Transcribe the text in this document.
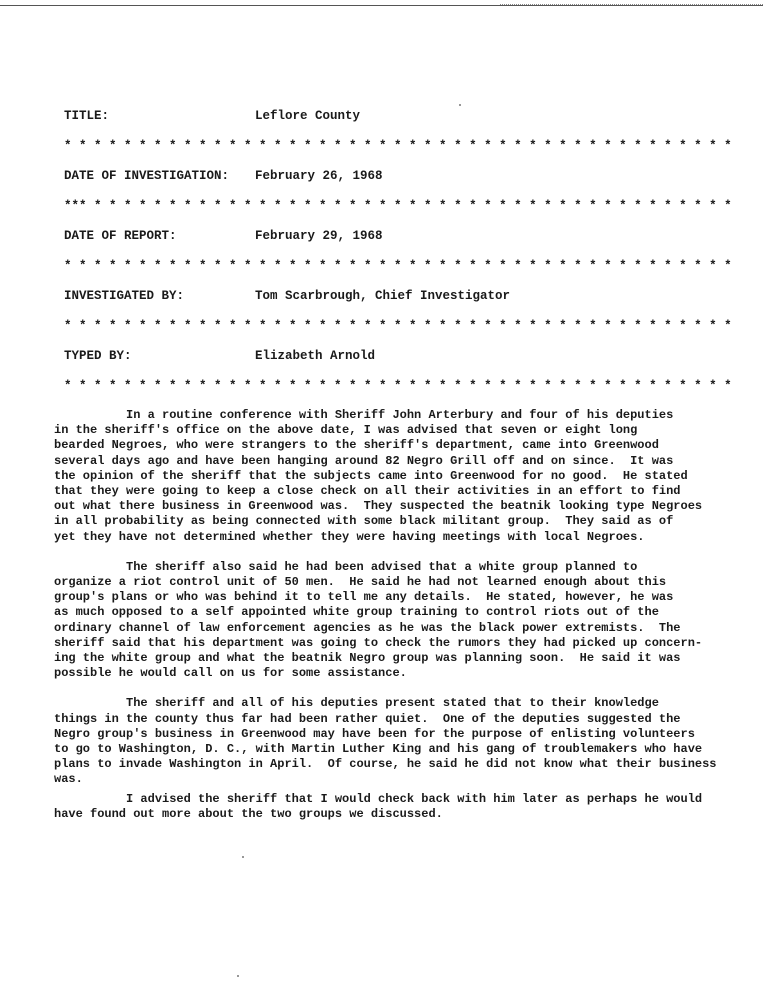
TITLE:	Leflore County
* * * * * * * * * * * * * * * * * * * * * * * * * * * * * * * * * * * * * * * * * * * * *
DATE OF INVESTIGATION: February 26, 1968
*** * * * * * * * * * * * * * * * * * * * * * * * * * * * * * * * * * * * * * * * * * * *
DATE OF REPORT:	February 29, 1968
* * * * * * * * * * * * * * * * * * * * * * * * * * * * * * * * * * * * * * * * * * * * *
INVESTIGATED BY:	Tom Scarbrough, Chief Investigator
* * * * * * * * * * * * * * * * * * * * * * * * * * * * * * * * * * * * * * * * * * * * *
TYPED BY:	Elizabeth Arnold
* * * * * * * * * * * * * * * * * * * * * * * * * * * * * * * * * * * * * * * * * * * * *

In a routine conference with Sheriff John Arterbury and four of his deputies
in the sheriff's office on the above date, I was advised that seven or eight long
bearded Negroes, who were strangers to the sheriff's department, came into Greenwood
several days ago and have been hanging around 82 Negro Grill off and on since.  It was
the opinion of the sheriff that the subjects came into Greenwood for no good.  He stated
that they were going to keep a close check on all their activities in an effort to find
out what there business in Greenwood was.  They suspected the beatnik looking type Negroes
in all probability as being connected with some black militant group.  They said as of
yet they have not determined whether they were having meetings with local Negroes.

The sheriff also said he had been advised that a white group planned to
organize a riot control unit of 50 men.  He said he had not learned enough about this
group's plans or who was behind it to tell me any details.  He stated, however, he was
as much opposed to a self appointed white group training to control riots out of the
ordinary channel of law enforcement agencies as he was the black power extremists.  The
sheriff said that his department was going to check the rumors they had picked up concern-
ing the white group and what the beatnik Negro group was planning soon.  He said it was
possible he would call on us for some assistance.

The sheriff and all of his deputies present stated that to their knowledge
things in the county thus far had been rather quiet.  One of the deputies suggested the
Negro group's business in Greenwood may have been for the purpose of enlisting volunteers
to go to Washington, D. C., with Martin Luther King and his gang of troublemakers who have
plans to invade Washington in April.  Of course, he said he did not know what their business
was.

I advised the sheriff that I would check back with him later as perhaps he would
have found out more about the two groups we discussed.
